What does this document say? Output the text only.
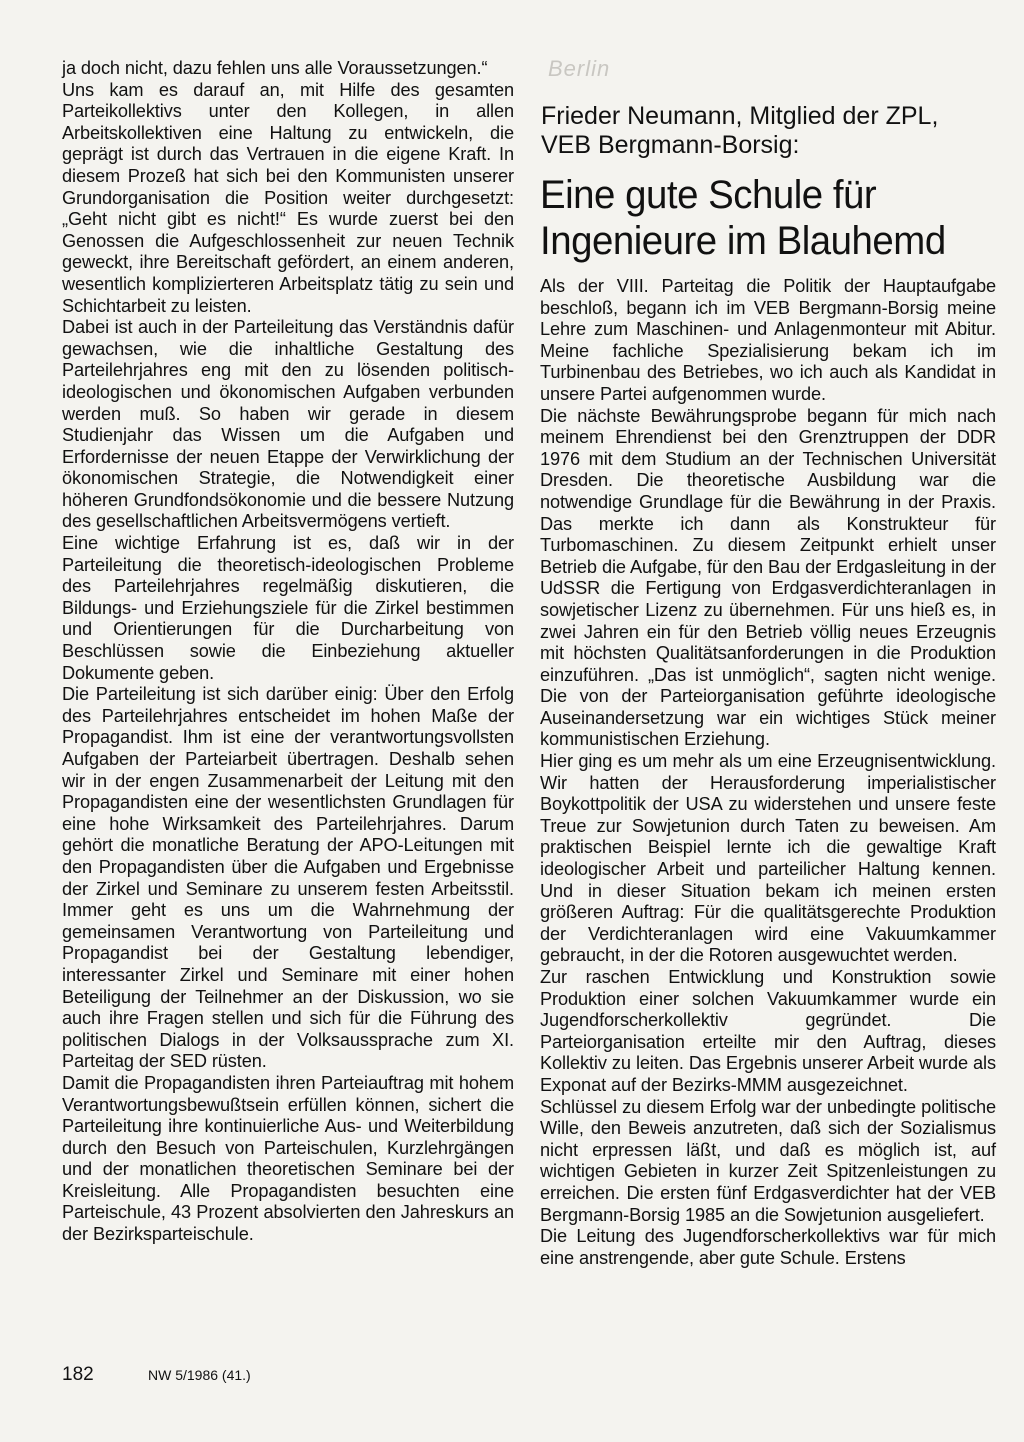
ja doch nicht, dazu fehlen uns alle Voraussetzungen.“

Uns kam es darauf an, mit Hilfe des gesamten Parteikollektivs unter den Kollegen, in allen Arbeitskollektiven eine Haltung zu entwickeln, die geprägt ist durch das Vertrauen in die eigene Kraft. In diesem Prozeß hat sich bei den Kommunisten unserer Grundorganisation die Position weiter durchgesetzt: „Geht nicht gibt es nicht!“ Es wurde zuerst bei den Genossen die Aufgeschlossenheit zur neuen Technik geweckt, ihre Bereitschaft gefördert, an einem anderen, wesentlich komplizierteren Arbeitsplatz tätig zu sein und Schichtarbeit zu leisten.

Dabei ist auch in der Parteileitung das Verständnis dafür gewachsen, wie die inhaltliche Gestaltung des Parteilehrjahres eng mit den zu lösenden politisch-ideologischen und ökonomischen Aufgaben verbunden werden muß. So haben wir gerade in diesem Studienjahr das Wissen um die Aufgaben und Erfordernisse der neuen Etappe der Verwirklichung der ökonomischen Strategie, die Notwendigkeit einer höheren Grundfondsökonomie und die bessere Nutzung des gesellschaftlichen Arbeitsvermögens vertieft.

Eine wichtige Erfahrung ist es, daß wir in der Parteileitung die theoretisch-ideologischen Probleme des Parteilehrjahres regelmäßig diskutieren, die Bildungs- und Erziehungsziele für die Zirkel bestimmen und Orientierungen für die Durcharbeitung von Beschlüssen sowie die Einbeziehung aktueller Dokumente geben.

Die Parteileitung ist sich darüber einig: Über den Erfolg des Parteilehrjahres entscheidet im hohen Maße der Propagandist. Ihm ist eine der verantwortungsvollsten Aufgaben der Parteiarbeit übertragen. Deshalb sehen wir in der engen Zusammenarbeit der Leitung mit den Propagandisten eine der wesentlichsten Grundlagen für eine hohe Wirksamkeit des Parteilehrjahres. Darum gehört die monatliche Beratung der APO-Leitungen mit den Propagandisten über die Aufgaben und Ergebnisse der Zirkel und Seminare zu unserem festen Arbeitsstil. Immer geht es uns um die Wahrnehmung der gemeinsamen Verantwortung von Parteileitung und Propagandist bei der Gestaltung lebendiger, interessanter Zirkel und Seminare mit einer hohen Beteiligung der Teilnehmer an der Diskussion, wo sie auch ihre Fragen stellen und sich für die Führung des politischen Dialogs in der Volksaussprache zum XI. Parteitag der SED rüsten.

Damit die Propagandisten ihren Parteiauftrag mit hohem Verantwortungsbewußtsein erfüllen können, sichert die Parteileitung ihre kontinuierliche Aus- und Weiterbildung durch den Besuch von Parteischulen, Kurzlehrgängen und der monatlichen theoretischen Seminare bei der Kreisleitung. Alle Propagandisten besuchten eine Parteischule, 43 Prozent absolvierten den Jahreskurs an der Bezirksparteischule.

Berlin
Frieder Neumann, Mitglied der ZPL, VEB Bergmann-Borsig:
Eine gute Schule für Ingenieure im Blauhemd

Als der VIII. Parteitag die Politik der Hauptaufgabe beschloß, begann ich im VEB Bergmann-Borsig meine Lehre zum Maschinen- und Anlagenmonteur mit Abitur. Meine fachliche Spezialisierung bekam ich im Turbinenbau des Betriebes, wo ich auch als Kandidat in unsere Partei aufgenommen wurde.

Die nächste Bewährungsprobe begann für mich nach meinem Ehrendienst bei den Grenztruppen der DDR 1976 mit dem Studium an der Technischen Universität Dresden. Die theoretische Ausbildung war die notwendige Grundlage für die Bewährung in der Praxis. Das merkte ich dann als Konstrukteur für Turbomaschinen. Zu diesem Zeitpunkt erhielt unser Betrieb die Aufgabe, für den Bau der Erdgasleitung in der UdSSR die Fertigung von Erdgasverdichteranlagen in sowjetischer Lizenz zu übernehmen. Für uns hieß es, in zwei Jahren ein für den Betrieb völlig neues Erzeugnis mit höchsten Qualitätsanforderungen in die Produktion einzuführen. „Das ist unmöglich“, sagten nicht wenige. Die von der Parteiorganisation geführte ideologische Auseinandersetzung war ein wichtiges Stück meiner kommunistischen Erziehung.

Hier ging es um mehr als um eine Erzeugnisentwicklung. Wir hatten der Herausforderung imperialistischer Boykottpolitik der USA zu widerstehen und unsere feste Treue zur Sowjetunion durch Taten zu beweisen. Am praktischen Beispiel lernte ich die gewaltige Kraft ideologischer Arbeit und parteilicher Haltung kennen. Und in dieser Situation bekam ich meinen ersten größeren Auftrag: Für die qualitätsgerechte Produktion der Verdichteranlagen wird eine Vakuumkammer gebraucht, in der die Rotoren ausgewuchtet werden.

Zur raschen Entwicklung und Konstruktion sowie Produktion einer solchen Vakuumkammer wurde ein Jugendforscherkollektiv gegründet. Die Parteiorganisation erteilte mir den Auftrag, dieses Kollektiv zu leiten. Das Ergebnis unserer Arbeit wurde als Exponat auf der Bezirks-MMM ausgezeichnet.

Schlüssel zu diesem Erfolg war der unbedingte politische Wille, den Beweis anzutreten, daß sich der Sozialismus nicht erpressen läßt, und daß es möglich ist, auf wichtigen Gebieten in kurzer Zeit Spitzenleistungen zu erreichen. Die ersten fünf Erdgasverdichter hat der VEB Bergmann-Borsig 1985 an die Sowjetunion ausgeliefert.

Die Leitung des Jugendforscherkollektivs war für mich eine anstrengende, aber gute Schule. Erstens

182	NW 5/1986 (41.)
